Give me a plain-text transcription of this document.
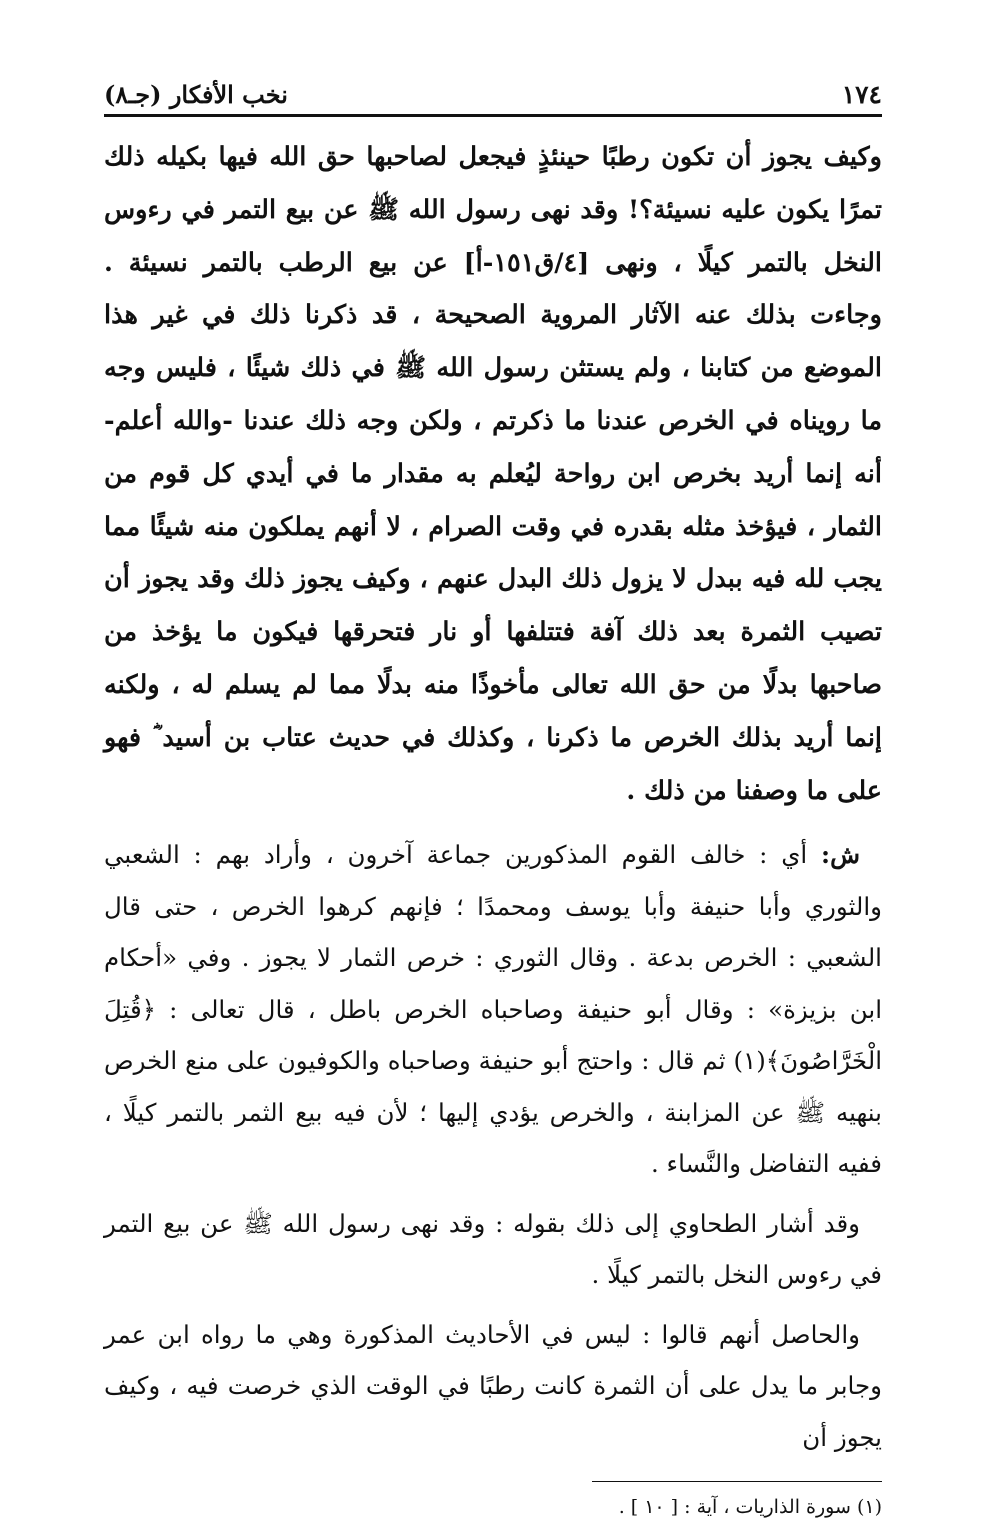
١٧٤
نخب الأفكار (جـ٨)

وكيف يجوز أن تكون رطبًا حينئذٍ فيجعل لصاحبها حق الله فيها بكيله ذلك تمرًا يكون عليه نسيئة؟! وقد نهى رسول الله ﷺ عن بيع التمر في رءوس النخل بالتمر كيلًا ، ونهى [٤/ق١٥١-أ] عن بيع الرطب بالتمر نسيئة . وجاءت بذلك عنه الآثار المروية الصحيحة ، قد ذكرنا ذلك في غير هذا الموضع من كتابنا ، ولم يستثن رسول الله ﷺ في ذلك شيئًا ، فليس وجه ما رويناه في الخرص عندنا ما ذكرتم ، ولكن وجه ذلك عندنا -والله أعلم- أنه إنما أريد بخرص ابن رواحة ليُعلم به مقدار ما في أيدي كل قوم من الثمار ، فيؤخذ مثله بقدره في وقت الصرام ، لا أنهم يملكون منه شيئًا مما يجب لله فيه ببدل لا يزول ذلك البدل عنهم ، وكيف يجوز ذلك وقد يجوز أن تصيب الثمرة بعد ذلك آفة فتتلفها أو نار فتحرقها فيكون ما يؤخذ من صاحبها بدلًا من حق الله تعالى مأخوذًا منه بدلًا مما لم يسلم له ، ولكنه إنما أريد بذلك الخرص ما ذكرنا ، وكذلك في حديث عتاب بن أسيد ؓ فهو على ما وصفنا من ذلك .

ش: أي : خالف القوم المذكورين جماعة آخرون ، وأراد بهم : الشعبي والثوري وأبا حنيفة وأبا يوسف ومحمدًا ؛ فإنهم كرهوا الخرص ، حتى قال الشعبي : الخرص بدعة . وقال الثوري : خرص الثمار لا يجوز . وفي «أحكام ابن بزيزة» : وقال أبو حنيفة وصاحباه الخرص باطل ، قال تعالى : ﴿قُتِلَ الْخَرَّاصُونَ﴾(١) ثم قال : واحتج أبو حنيفة وصاحباه والكوفيون على منع الخرص بنهيه ﷺ عن المزابنة ، والخرص يؤدي إليها ؛ لأن فيه بيع الثمر بالتمر كيلًا ، ففيه التفاضل والنَّساء .

وقد أشار الطحاوي إلى ذلك بقوله : وقد نهى رسول الله ﷺ عن بيع التمر في رءوس النخل بالتمر كيلًا .

والحاصل أنهم قالوا : ليس في الأحاديث المذكورة وهي ما رواه ابن عمر وجابر ما يدل على أن الثمرة كانت رطبًا في الوقت الذي خرصت فيه ، وكيف يجوز أن

(١) سورة الذاريات ، آية : [ ١٠ ] .
